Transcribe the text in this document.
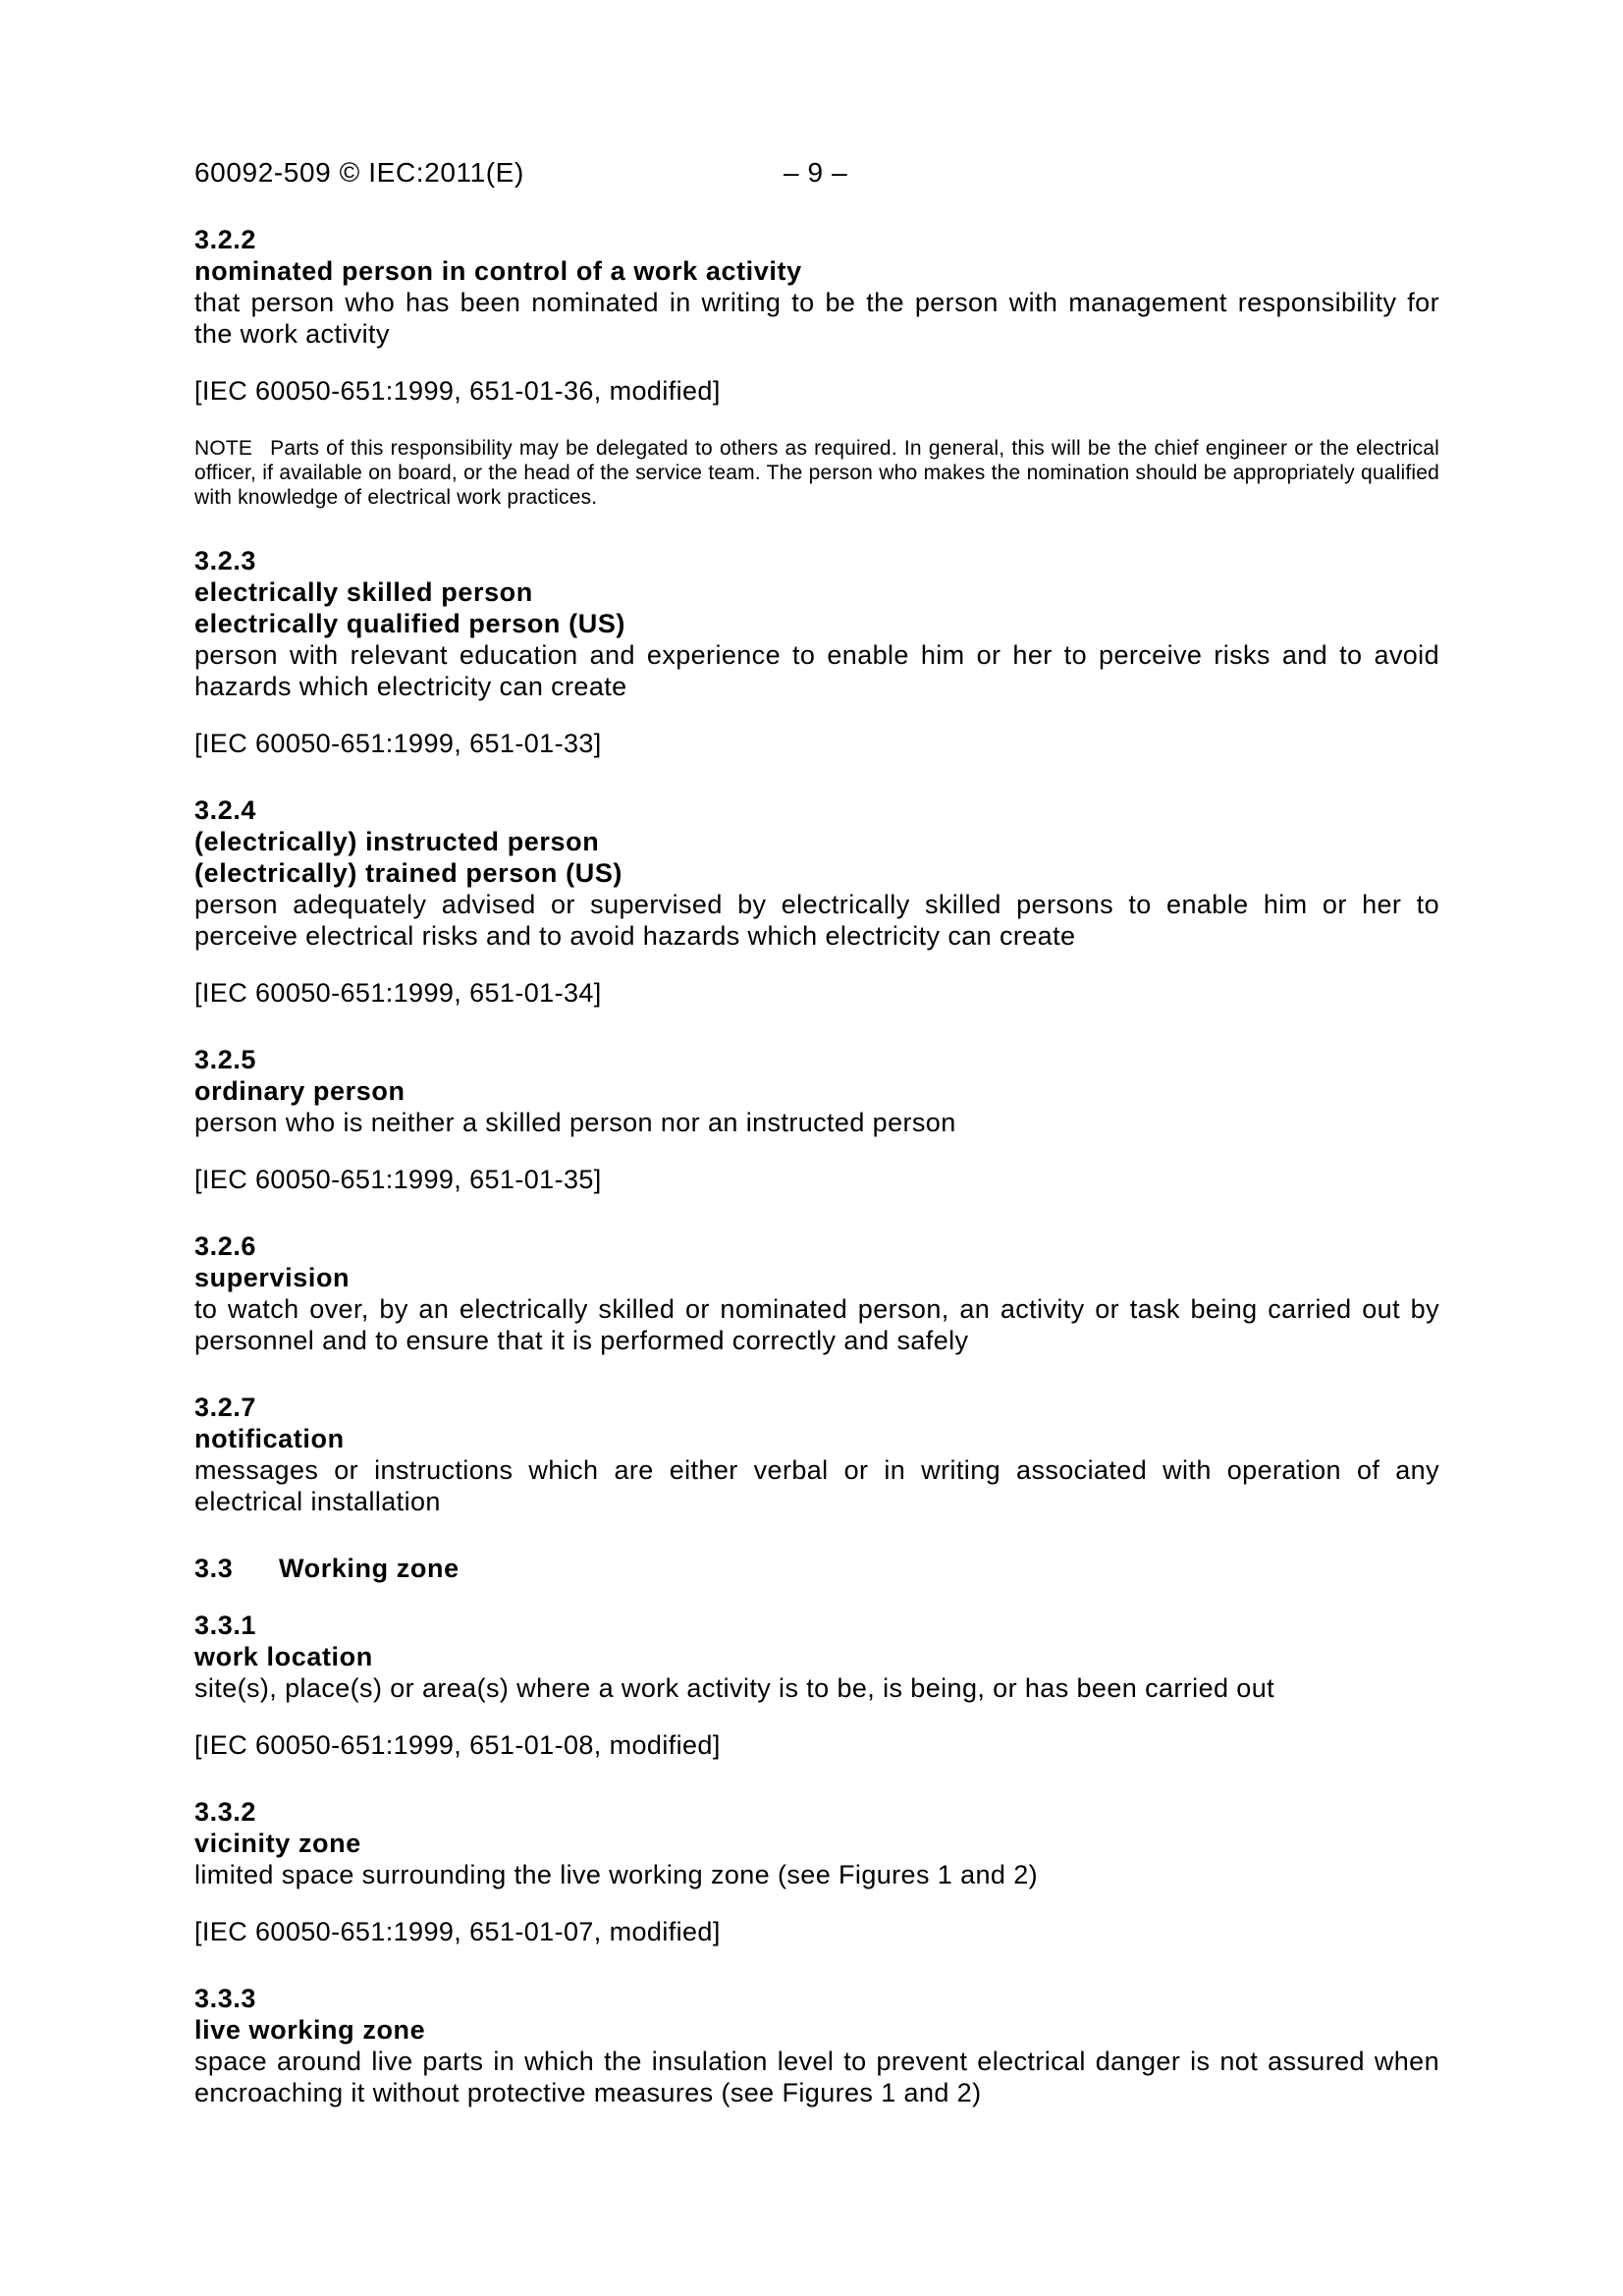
60092-509 © IEC:2011(E)	– 9 –
3.2.2
nominated person in control of a work activity
that person who has been nominated in writing to be the person with management responsibility for the work activity
[IEC 60050-651:1999, 651-01-36, modified]
NOTE Parts of this responsibility may be delegated to others as required. In general, this will be the chief engineer or the electrical officer, if available on board, or the head of the service team. The person who makes the nomination should be appropriately qualified with knowledge of electrical work practices.
3.2.3
electrically skilled person
electrically qualified person (US)
person with relevant education and experience to enable him or her to perceive risks and to avoid hazards which electricity can create
[IEC 60050-651:1999, 651-01-33]
3.2.4
(electrically) instructed person
(electrically) trained person (US)
person adequately advised or supervised by electrically skilled persons to enable him or her to perceive electrical risks and to avoid hazards which electricity can create
[IEC 60050-651:1999, 651-01-34]
3.2.5
ordinary person
person who is neither a skilled person nor an instructed person
[IEC 60050-651:1999, 651-01-35]
3.2.6
supervision
to watch over, by an electrically skilled or nominated person, an activity or task being carried out by personnel and to ensure that it is performed correctly and safely
3.2.7
notification
messages or instructions which are either verbal or in writing associated with operation of any electrical installation
3.3 Working zone
3.3.1
work location
site(s), place(s) or area(s) where a work activity is to be, is being, or has been carried out
[IEC 60050-651:1999, 651-01-08, modified]
3.3.2
vicinity zone
limited space surrounding the live working zone (see Figures 1 and 2)
[IEC 60050-651:1999, 651-01-07, modified]
3.3.3
live working zone
space around live parts in which the insulation level to prevent electrical danger is not assured when encroaching it without protective measures (see Figures 1 and 2)
